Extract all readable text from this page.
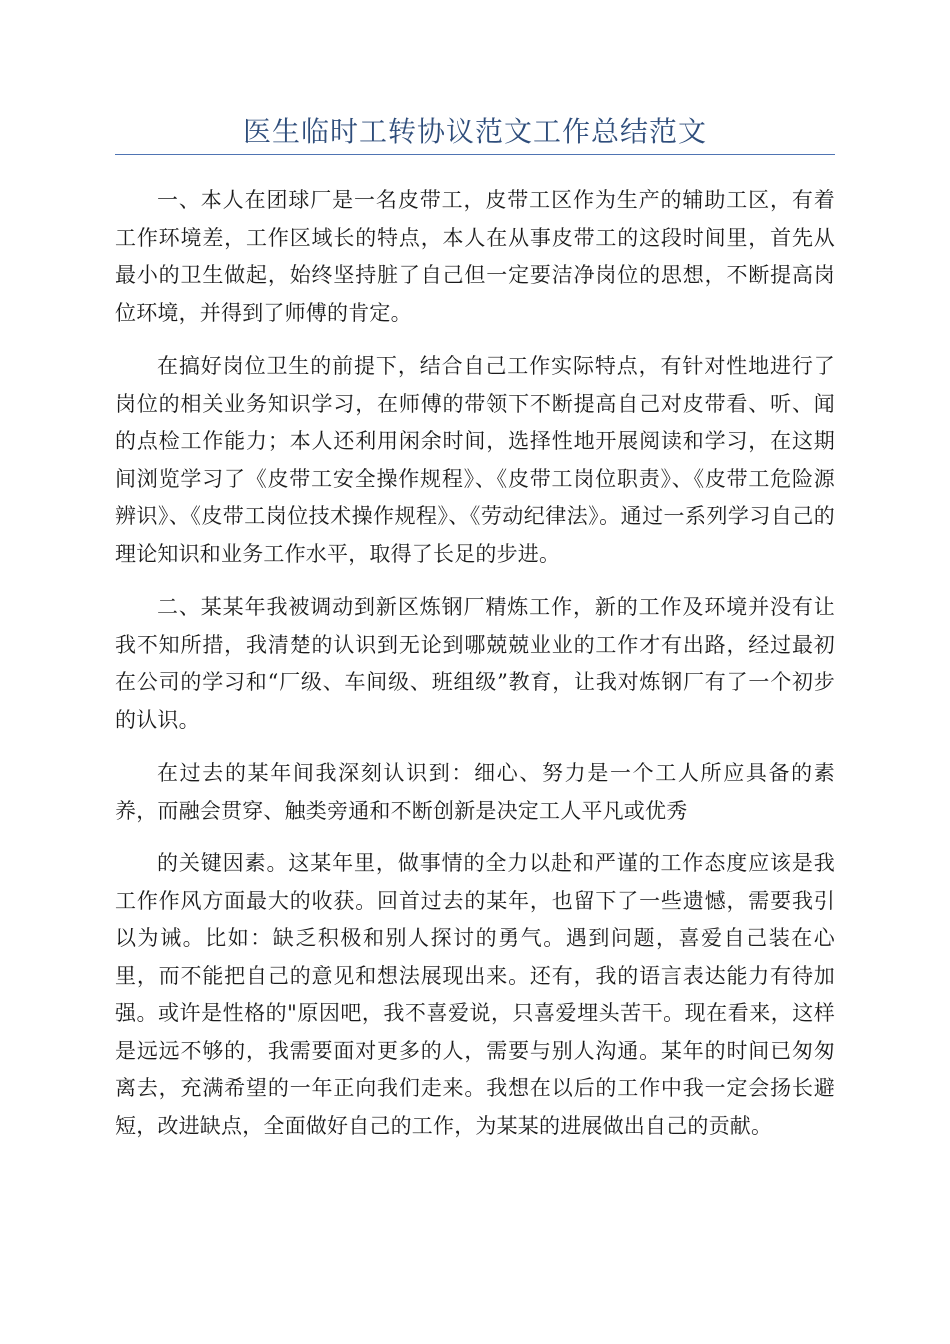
医生临时工转协议范文工作总结范文

一、本人在团球厂是一名皮带工，皮带工区作为生产的辅助工区，有着工作环境差，工作区域长的特点，本人在从事皮带工的这段时间里，首先从最小的卫生做起，始终坚持脏了自己但一定要洁净岗位的思想，不断提高岗位环境，并得到了师傅的肯定。

在搞好岗位卫生的前提下，结合自己工作实际特点，有针对性地进行了岗位的相关业务知识学习，在师傅的带领下不断提高自己对皮带看、听、闻的点检工作能力；本人还利用闲余时间，选择性地开展阅读和学习，在这期间浏览学习了《皮带工安全操作规程》、《皮带工岗位职责》、《皮带工危险源辨识》、《皮带工岗位技术操作规程》、《劳动纪律法》。通过一系列学习自己的理论知识和业务工作水平，取得了长足的步进。

二、某某年我被调动到新区炼钢厂精炼工作，新的工作及环境并没有让我不知所措，我清楚的认识到无论到哪兢兢业业的工作才有出路，经过最初在公司的学习和“厂级、车间级、班组级”教育，让我对炼钢厂有了一个初步的认识。

在过去的某年间我深刻认识到：细心、努力是一个工人所应具备的素养，而融会贯穿、触类旁通和不断创新是决定工人平凡或优秀

的关键因素。这某年里，做事情的全力以赴和严谨的工作态度应该是我工作作风方面最大的收获。回首过去的某年，也留下了一些遗憾，需要我引以为诫。比如：缺乏积极和别人探讨的勇气。遇到问题，喜爱自己装在心里，而不能把自己的意见和想法展现出来。还有，我的语言表达能力有待加强。或许是性格的"原因吧，我不喜爱说，只喜爱埋头苦干。现在看来，这样是远远不够的，我需要面对更多的人，需要与别人沟通。某年的时间已匆匆离去，充满希望的一年正向我们走来。我想在以后的工作中我一定会扬长避短，改进缺点，全面做好自己的工作，为某某的进展做出自己的贡献。
